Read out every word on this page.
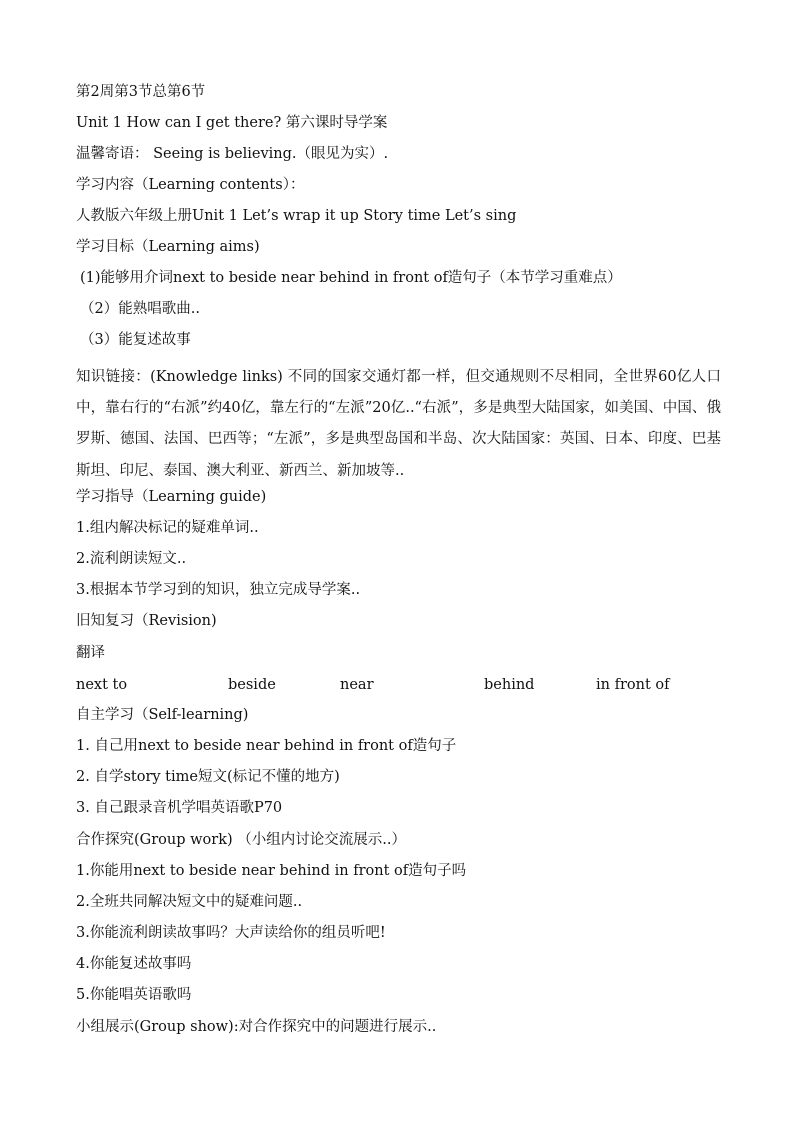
第2周第3节总第6节
Unit 1 How can I get there? 第六课时导学案
温馨寄语： Seeing is believing.（眼见为实）.
学习内容（Learning contents）：
人教版六年级上册Unit 1 Let’s wrap it up Story time Let’s sing
学习目标（Learning aims)
(1)能够用介词next to beside near behind in front of造句子（本节学习重难点）
（2）能熟唱歌曲..
（3）能复述故事
知识链接：(Knowledge links) 不同的国家交通灯都一样，但交通规则不尽相同，全世界60亿人口中，靠右行的“右派”约40亿，靠左行的“左派”20亿..“右派”，多是典型大陆国家，如美国、中国、俄罗斯、德国、法国、巴西等；“左派”，多是典型岛国和半岛、次大陆国家：英国、日本、印度、巴基斯坦、印尼、泰国、澳大利亚、新西兰、新加坡等..
学习指导（Learning guide)
1.组内解决标记的疑难单词..
2.流利朗读短文..
3.根据本节学习到的知识，独立完成导学案..
旧知复习（Revision)
翻译
next to	beside	near	behind	in front of
自主学习（Self-learning)
1. 自己用next to beside near behind in front of造句子
2. 自学story time短文(标记不懂的地方)
3. 自己跟录音机学唱英语歌P70
合作探究(Group work) （小组内讨论交流展示..）
1.你能用next to beside near behind in front of造句子吗
2.全班共同解决短文中的疑难问题..
3.你能流利朗读故事吗？大声读给你的组员听吧!
4.你能复述故事吗
5.你能唱英语歌吗
小组展示(Group show):对合作探究中的问题进行展示..
